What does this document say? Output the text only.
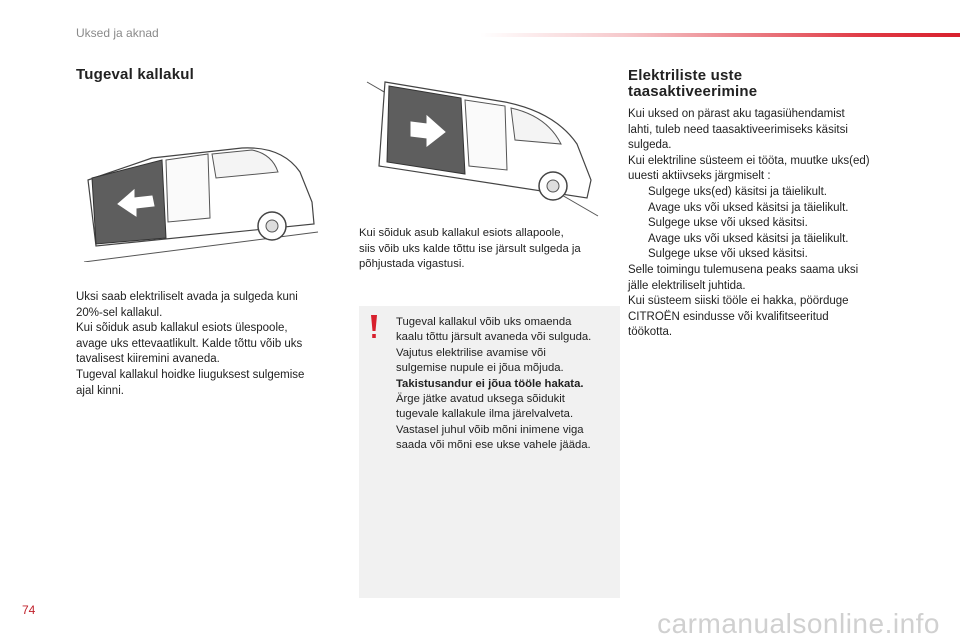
Uksed ja aknad
Tugeval kallakul

Uksi saab elektriliselt avada ja sulgeda kuni

20%-sel kallakul.

Kui sõiduk asub kallakul esiots ülespoole,

avage uks ettevaatlikult. Kalde tõttu võib uks

tavalisest kiiremini avaneda.

Tugeval kallakul hoidke liuguksest sulgemise

ajal kinni.

Kui sõiduk asub kallakul esiots allapoole,

siis võib uks kalde tõttu ise järsult sulgeda ja

põhjustada vigastusi.

Tugeval kallakul võib uks omaenda

kaalu tõttu järsult avaneda või sulguda.

Vajutus elektrilise avamise või

sulgemise nupule ei jõua mõjuda.

Takistusandur ei jõua tööle hakata.

Ärge jätke avatud uksega sõidukit

tugevale kallakule ilma järelvalveta.

Vastasel juhul võib mõni inimene viga

saada või mõni ese ukse vahele jääda.

Elektriliste uste
taasaktiveerimine

Kui uksed on pärast aku tagasiühendamist

lahti, tuleb need taasaktiveerimiseks käsitsi

sulgeda.

Kui elektriline süsteem ei tööta, muutke uks(ed)

uuesti aktiivseks järgmiselt :

Sulgege uks(ed) käsitsi ja täielikult.

Avage uks või uksed käsitsi ja täielikult.

Sulgege ukse või uksed käsitsi.

Avage uks või uksed käsitsi ja täielikult.

Sulgege ukse või uksed käsitsi.

Selle toimingu tulemusena peaks saama uksi

jälle elektriliselt juhtida.

Kui süsteem siiski tööle ei hakka, pöörduge

CITROËN esindusse või kvalifitseeritud

töökotta.

74	carmanualsonline.info
